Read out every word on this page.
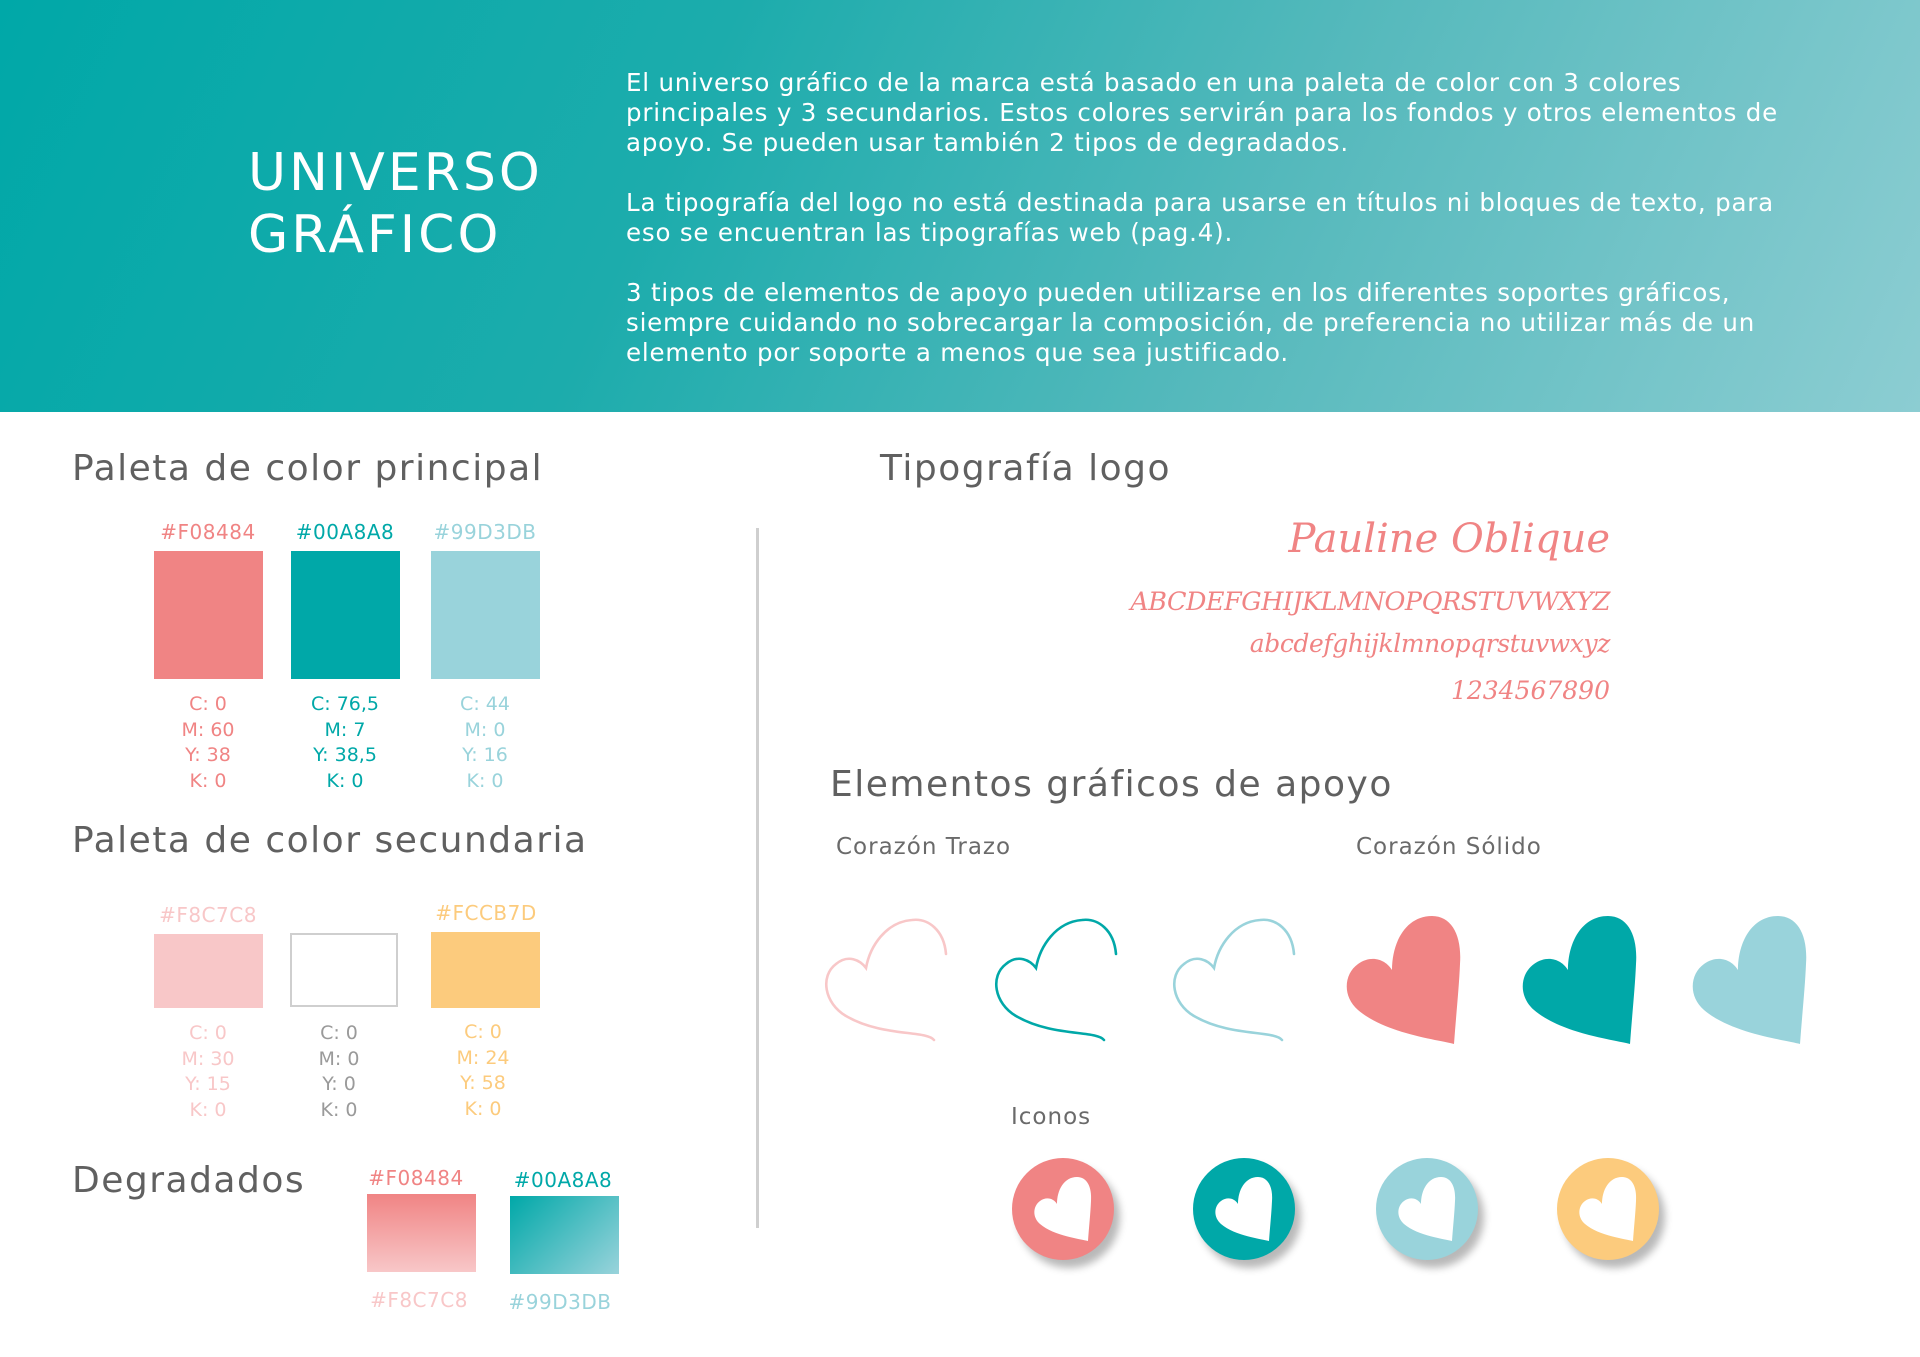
UNIVERSO
GRÁFICO

El universo gráfico de la marca está basado en una paleta de color con 3 colores principales y 3 secundarios. Estos colores servirán para los fondos y otros elementos de apoyo. Se pueden usar también 2 tipos de degradados.

La tipografía del logo no está destinada para usarse en títulos ni bloques de texto, para eso se encuentran las tipografías web (pag.4).

3 tipos de elementos de apoyo pueden utilizarse en los diferentes soportes gráficos, siempre cuidando no sobrecargar la composición, de preferencia no utilizar más de un elemento por soporte a menos que sea justificado.

Paleta de color principal
#F08484
C: 0
M: 60
Y: 38
K: 0
#00A8A8
C: 76,5
M: 7
Y: 38,5
K: 0
#99D3DB
C: 44
M: 0
Y: 16
K: 0
Paleta de color secundaria
#F8C7C8
C: 0
M: 30
Y: 15
K: 0
C: 0
M: 0
Y: 0
K: 0
#FCCB7D
C: 0
M: 24
Y: 58
K: 0
Degradados	#F08484
#F8C7C8
#00A8A8
#99D3DB
Tipografía logo
Pauline Oblique
ABCDEFGHIJKLMNOPQRSTUVWXYZ
abcdefghijklmnopqrstuvwxyz
1234567890
Elementos gráficos de apoyo
Corazón Trazo	Corazón Sólido
Iconos
